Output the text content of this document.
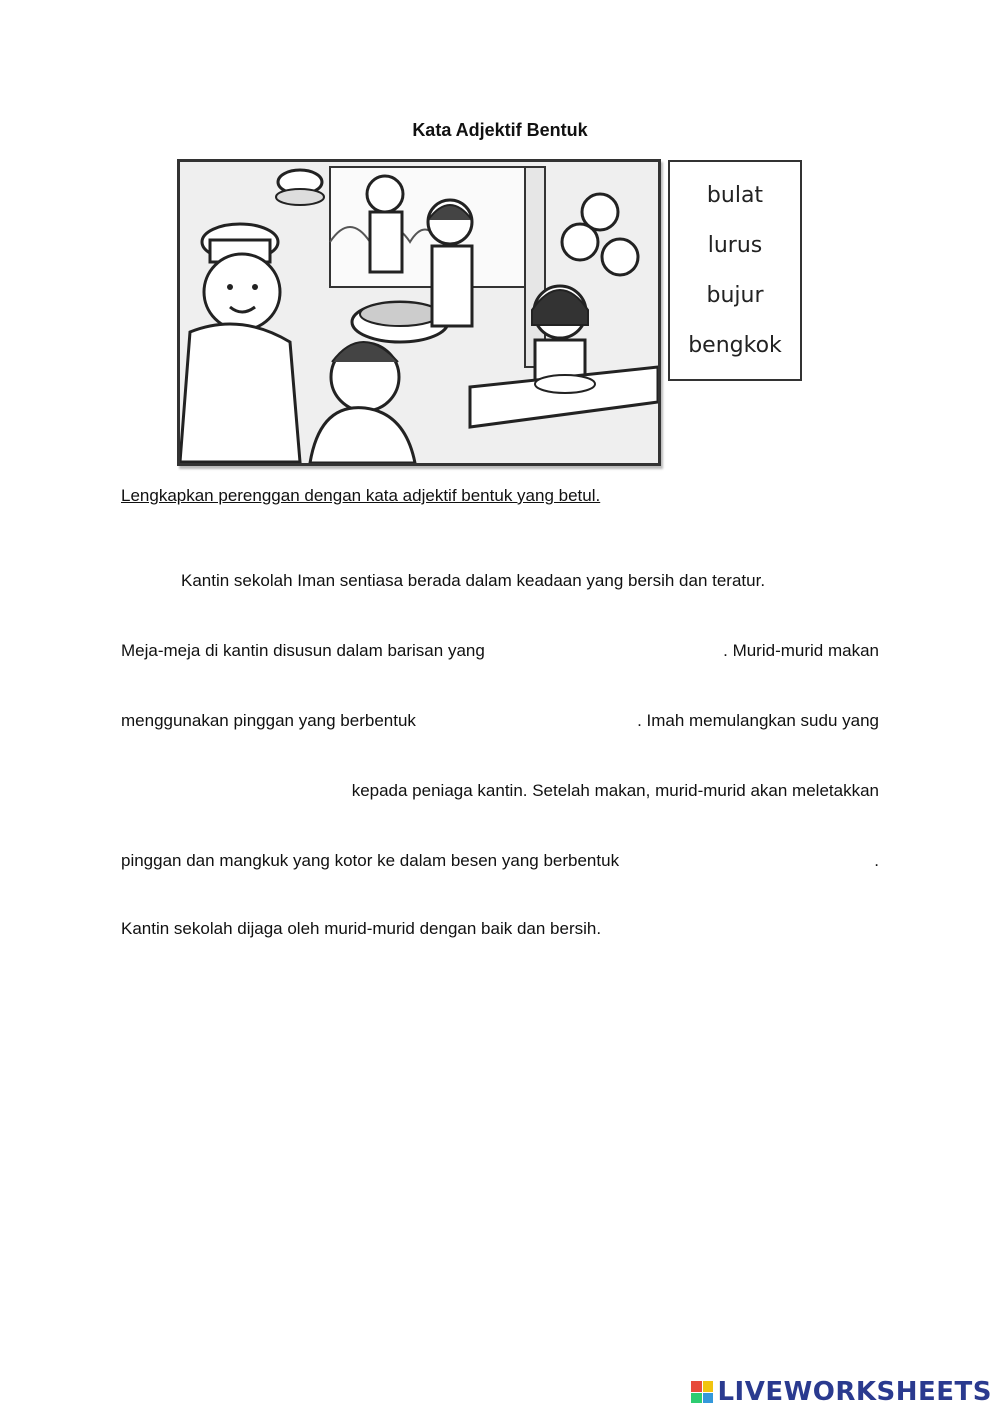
Kata Adjektif Bentuk
bulat
lurus
bujur
bengkok
Lengkapkan perenggan dengan kata adjektif bentuk yang betul.
Kantin sekolah Iman sentiasa berada dalam keadaan yang bersih dan teratur.
Meja-meja di kantin disusun dalam barisan yang	. Murid-murid makan
menggunakan pinggan yang berbentuk	. Imah memulangkan sudu yang
kepada peniaga kantin. Setelah makan, murid-murid akan meletakkan
pinggan dan mangkuk yang kotor ke dalam besen yang berbentuk	.
Kantin sekolah dijaga oleh murid-murid dengan baik dan bersih.
LIVEWORKSHEETS
